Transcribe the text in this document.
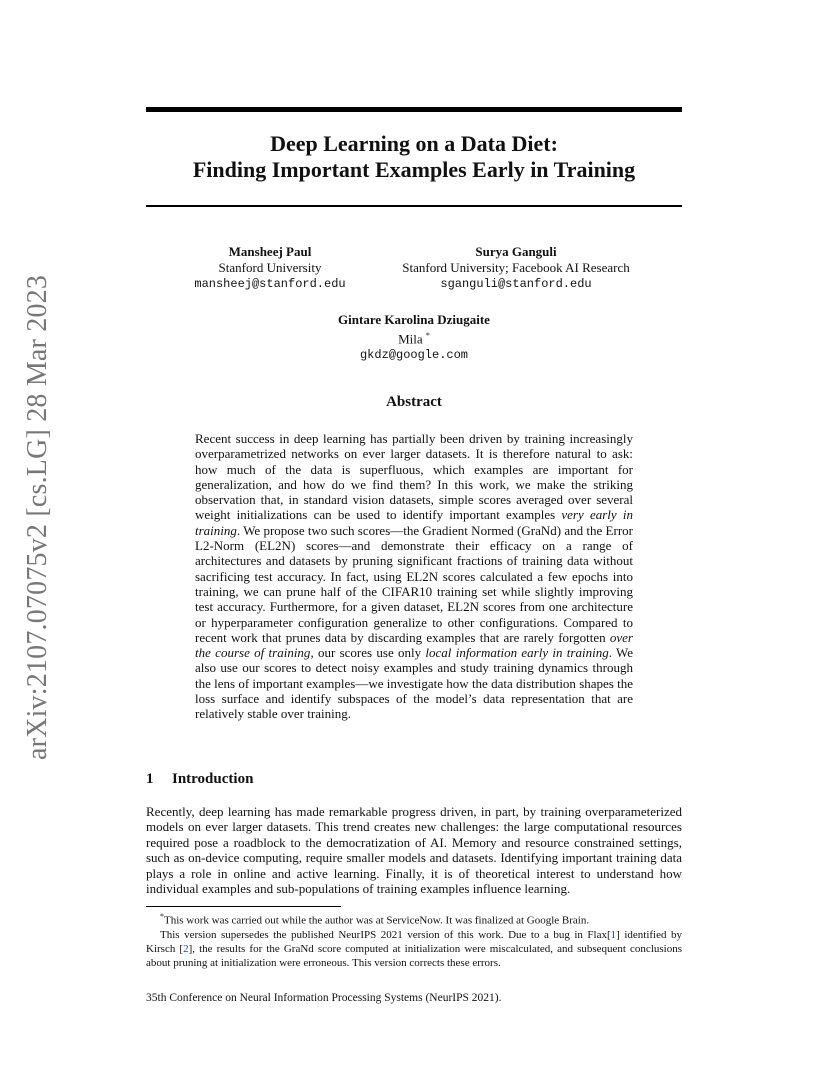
arXiv:2107.07075v2 [cs.LG] 28 Mar 2023
Deep Learning on a Data Diet:
Finding Important Examples Early in Training
Mansheej Paul
Stanford University
mansheej@stanford.edu
Surya Ganguli
Stanford University; Facebook AI Research
sganguli@stanford.edu
Gintare Karolina Dziugaite
Mila *
gkdz@google.com
Abstract
Recent success in deep learning has partially been driven by training increasingly overparametrized networks on ever larger datasets. It is therefore natural to ask: how much of the data is superfluous, which examples are important for generalization, and how do we find them? In this work, we make the striking observation that, in standard vision datasets, simple scores averaged over several weight initializations can be used to identify important examples very early in training. We propose two such scores—the Gradient Normed (GraNd) and the Error L2-Norm (EL2N) scores—and demonstrate their efficacy on a range of architectures and datasets by pruning significant fractions of training data without sacrificing test accuracy. In fact, using EL2N scores calculated a few epochs into training, we can prune half of the CIFAR10 training set while slightly improving test accuracy. Furthermore, for a given dataset, EL2N scores from one architecture or hyperparameter configuration generalize to other configurations. Compared to recent work that prunes data by discarding examples that are rarely forgotten over the course of training, our scores use only local information early in training. We also use our scores to detect noisy examples and study training dynamics through the lens of important examples—we investigate how the data distribution shapes the loss surface and identify subspaces of the model’s data representation that are relatively stable over training.
1 Introduction
Recently, deep learning has made remarkable progress driven, in part, by training overparameterized models on ever larger datasets. This trend creates new challenges: the large computational resources required pose a roadblock to the democratization of AI. Memory and resource constrained settings, such as on-device computing, require smaller models and datasets. Identifying important training data plays a role in online and active learning. Finally, it is of theoretical interest to understand how individual examples and sub-populations of training examples influence learning.

*This work was carried out while the author was at ServiceNow. It was finalized at Google Brain.

This version supersedes the published NeurIPS 2021 version of this work. Due to a bug in Flax[1] identified by Kirsch [2], the results for the GraNd score computed at initialization were miscalculated, and subsequent conclusions about pruning at initialization were erroneous. This version corrects these errors.

35th Conference on Neural Information Processing Systems (NeurIPS 2021).
